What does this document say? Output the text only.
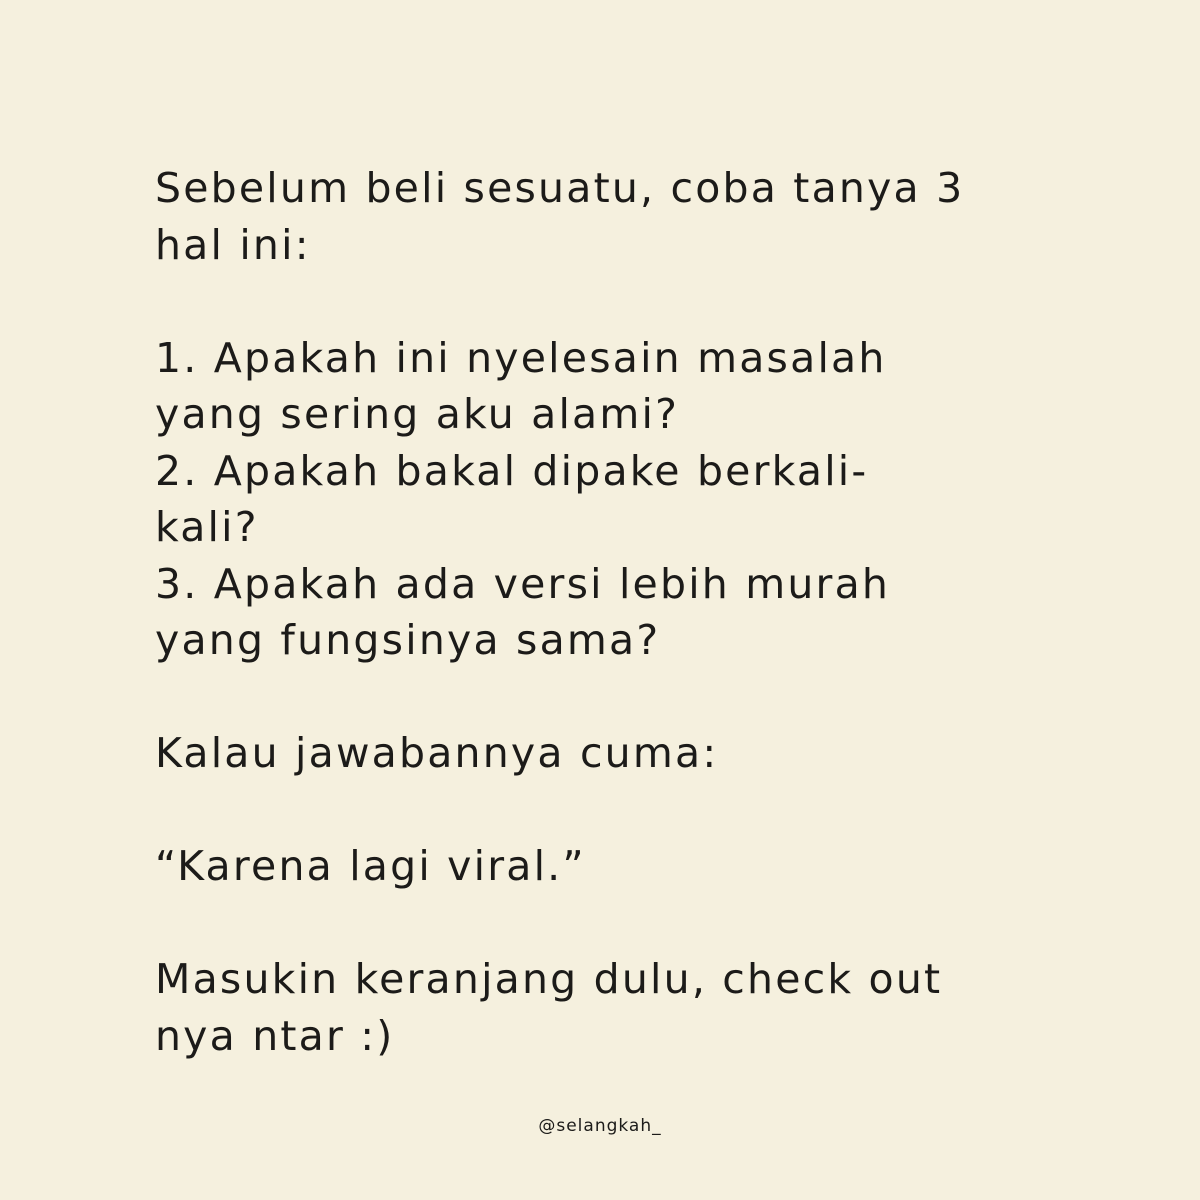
Sebelum beli sesuatu, coba tanya 3
hal ini:
1. Apakah ini nyelesain masalah
yang sering aku alami?
2. Apakah bakal dipake berkali-
kali?
3. Apakah ada versi lebih murah
yang fungsinya sama?
Kalau jawabannya cuma:
“Karena lagi viral.”
Masukin keranjang dulu, check out
nya ntar :)
@selangkah_
